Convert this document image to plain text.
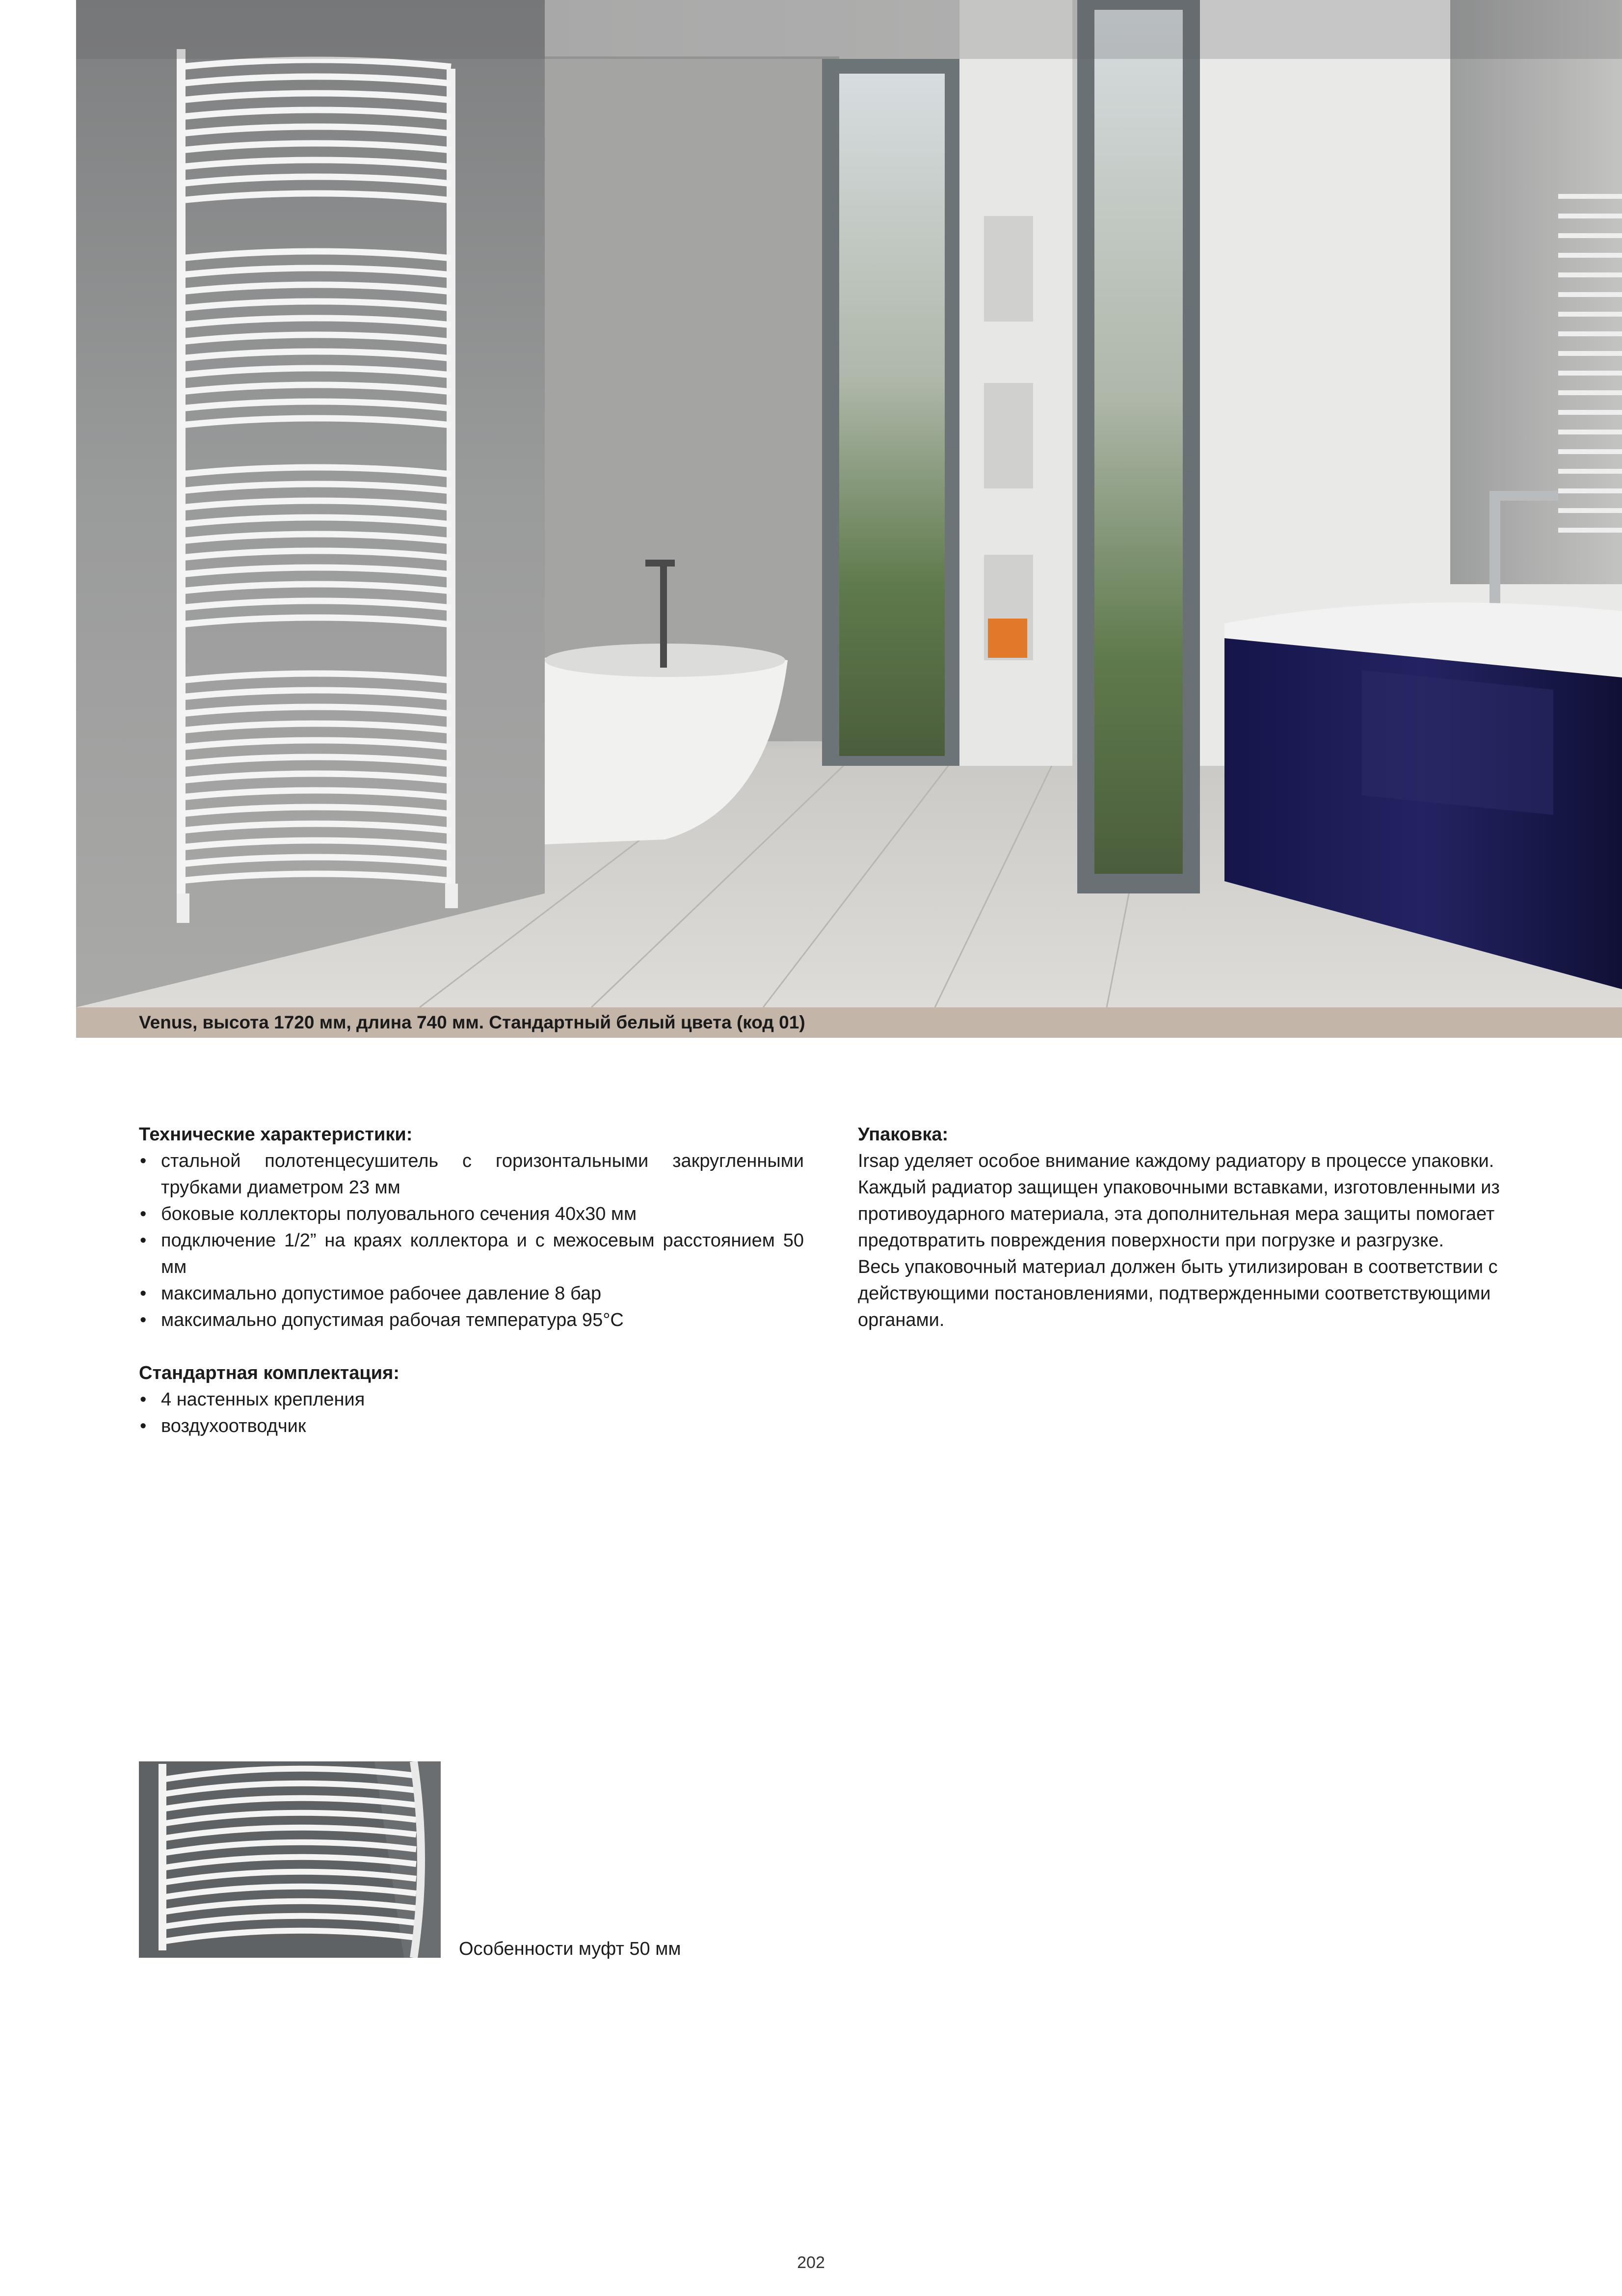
Venus, высота 1720 мм, длина 740 мм. Стандартный белый цвета (код 01)
Технические характеристики:
• стальной полотенцесушитель с горизонтальными закругленными трубками диаметром 23 мм
• боковые коллекторы полуовального сечения 40х30 мм
• подключение 1/2” на краях коллектора и с межосевым расстоянием 50 мм
• максимально допустимое рабочее давление 8 бар
• максимально допустимая рабочая температура 95°C
Стандартная комплектация:
• 4 настенных крепления
• воздухоотводчик
Упаковка:

Irsap уделяет особое внимание каждому радиатору в процессе упаковки. Каждый радиатор защищен упаковочными вставками, изготовленными из противоударного материала, эта дополнительная мера защиты помогает предотвратить повреждения поверхности при погрузке и разгрузке.

Весь упаковочный материал должен быть утилизирован в соответствии с действующими постановлениями, подтвержденными соответствующими органами.

Особенности муфт 50 мм
202
